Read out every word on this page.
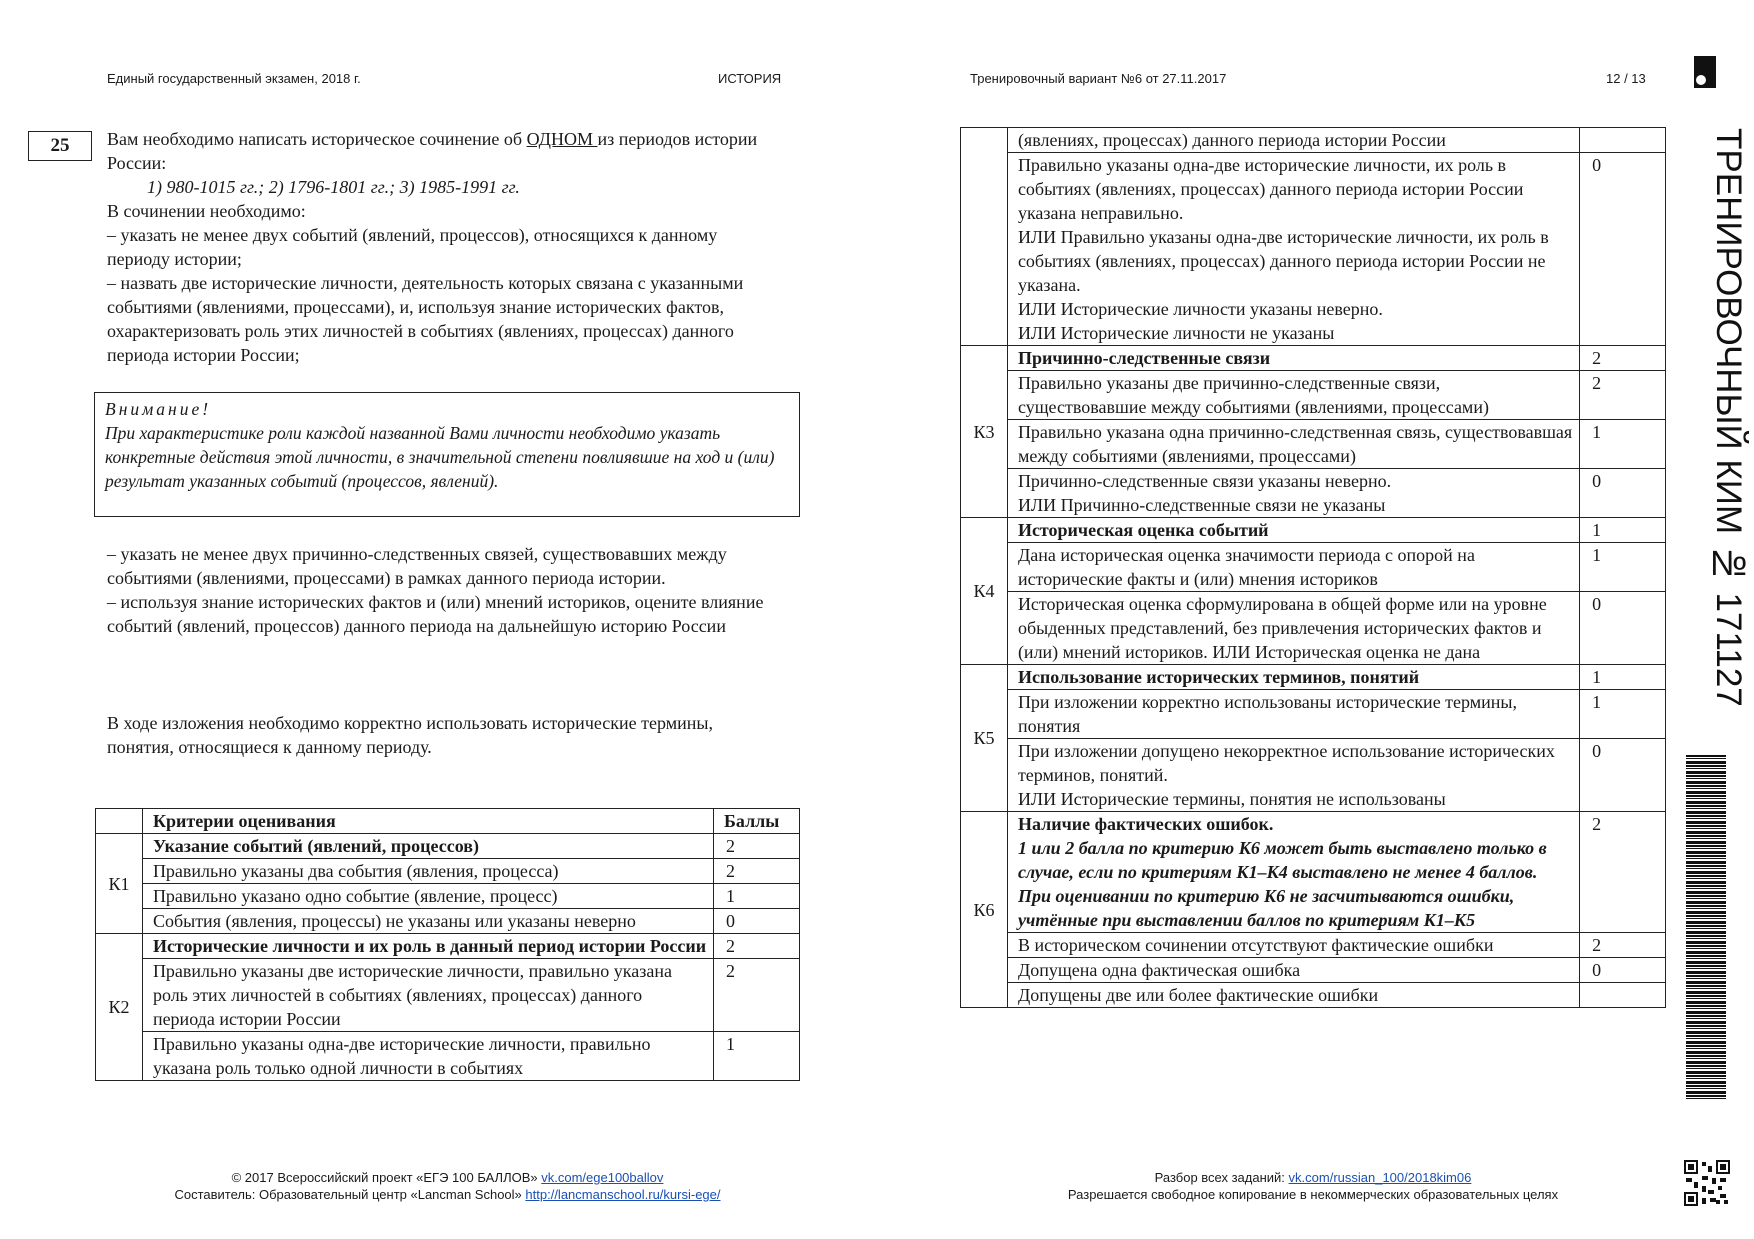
Единый государственный экзамен, 2018 г.	ИСТОРИЯ	Тренировочный вариант №6 от 27.11.2017	12 / 13
25	Вам необходимо написать историческое сочинение об ОДНОМ из периодов истории России:

1) 980-1015 гг.; 2) 1796-1801 гг.; 3) 1985-1991 гг.

В сочинении необходимо:

– указать не менее двух событий (явлений, процессов), относящихся к данному периоду истории;

– назвать две исторические личности, деятельность которых связана с указанными событиями (явлениями, процессами), и, используя знание исторических фактов, охарактеризовать роль этих личностей в событиях (явлениях, процессах) данного периода истории России;

Внимание!
При характеристике роли каждой названной Вами личности необходимо указать конкретные действия этой личности, в значительной степени повлиявшие на ход и (или) результат указанных событий (процессов, явлений).

– указать не менее двух причинно-следственных связей, существовавших между событиями (явлениями, процессами) в рамках данного периода истории.

– используя знание исторических фактов и (или) мнений историков, оцените влияние событий (явлений, процессов) данного периода на дальнейшую историю России

В ходе изложения необходимо корректно использовать исторические термины, понятия, относящиеся к данному периоду.
	Критерии оценивания	Баллы
К1	Указание событий (явлений, процессов)	2
	Правильно указаны два события (явления, процесса)	2
	Правильно указано одно событие (явление, процесс)	1
	События (явления, процессы) не указаны или указаны неверно	0
К2	Исторические личности и их роль в данный период истории России	2
	Правильно указаны две исторические личности, правильно указана роль этих личностей в событиях (явлениях, процессах) данного периода истории России	2
	Правильно указаны одна-две исторические личности, правильно указана роль только одной личности в событиях	1
	(явлениях, процессах) данного периода истории России	

	Правильно указаны одна-две исторические личности, их роль в событиях (явлениях, процессах) данного периода истории России указана неправильно.
ИЛИ Правильно указаны одна-две исторические личности, их роль в событиях (явлениях, процессах) данного периода истории России не указана.
ИЛИ Исторические личности указаны неверно.
ИЛИ Исторические личности не указаны	0
К3	Причинно-следственные связи	2
	Правильно указаны две причинно-следственные связи, существовавшие между событиями (явлениями, процессами)	2
	Правильно указана одна причинно-следственная связь, существовавшая между событиями (явлениями, процессами)	1

	Причинно-следственные связи указаны неверно.
ИЛИ Причинно-следственные связи не указаны	0
К4	Историческая оценка событий	1
	Дана историческая оценка значимости периода с опорой на исторические факты и (или) мнения историков	1
	Историческая оценка сформулирована в общей форме или на уровне обыденных представлений, без привлечения исторических фактов и (или) мнений историков. ИЛИ Историческая оценка не дана	0
К5	Использование исторических терминов, понятий	1
	При изложении корректно использованы исторические термины, понятия	1

	При изложении допущено некорректное использование исторических терминов, понятий.
ИЛИ Исторические термины, понятия не использованы	0
К6	Наличие фактических ошибок.
1 или 2 балла по критерию К6 может быть выставлено только в случае, если по критериям К1–К4 выставлено не менее 4 баллов.
При оценивании по критерию К6 не засчитываются ошибки, учтённые при выставлении баллов по критериям К1–К5	2
	В историческом сочинении отсутствуют фактические ошибки	2
	Допущена одна фактическая ошибка	0
	Допущены две или более фактические ошибки	
ТРЕНИРОВОЧНЫЙ КИМ № 171127
© 2017 Всероссийский проект «ЕГЭ 100 БАЛЛОВ» vk.com/ege100ballov
Составитель: Образовательный центр «Lancman School» http://lancmanschool.ru/kursi-ege/
Разбор всех заданий: vk.com/russian_100/2018kim06
Разрешается свободное копирование в некоммерческих образовательных целях
